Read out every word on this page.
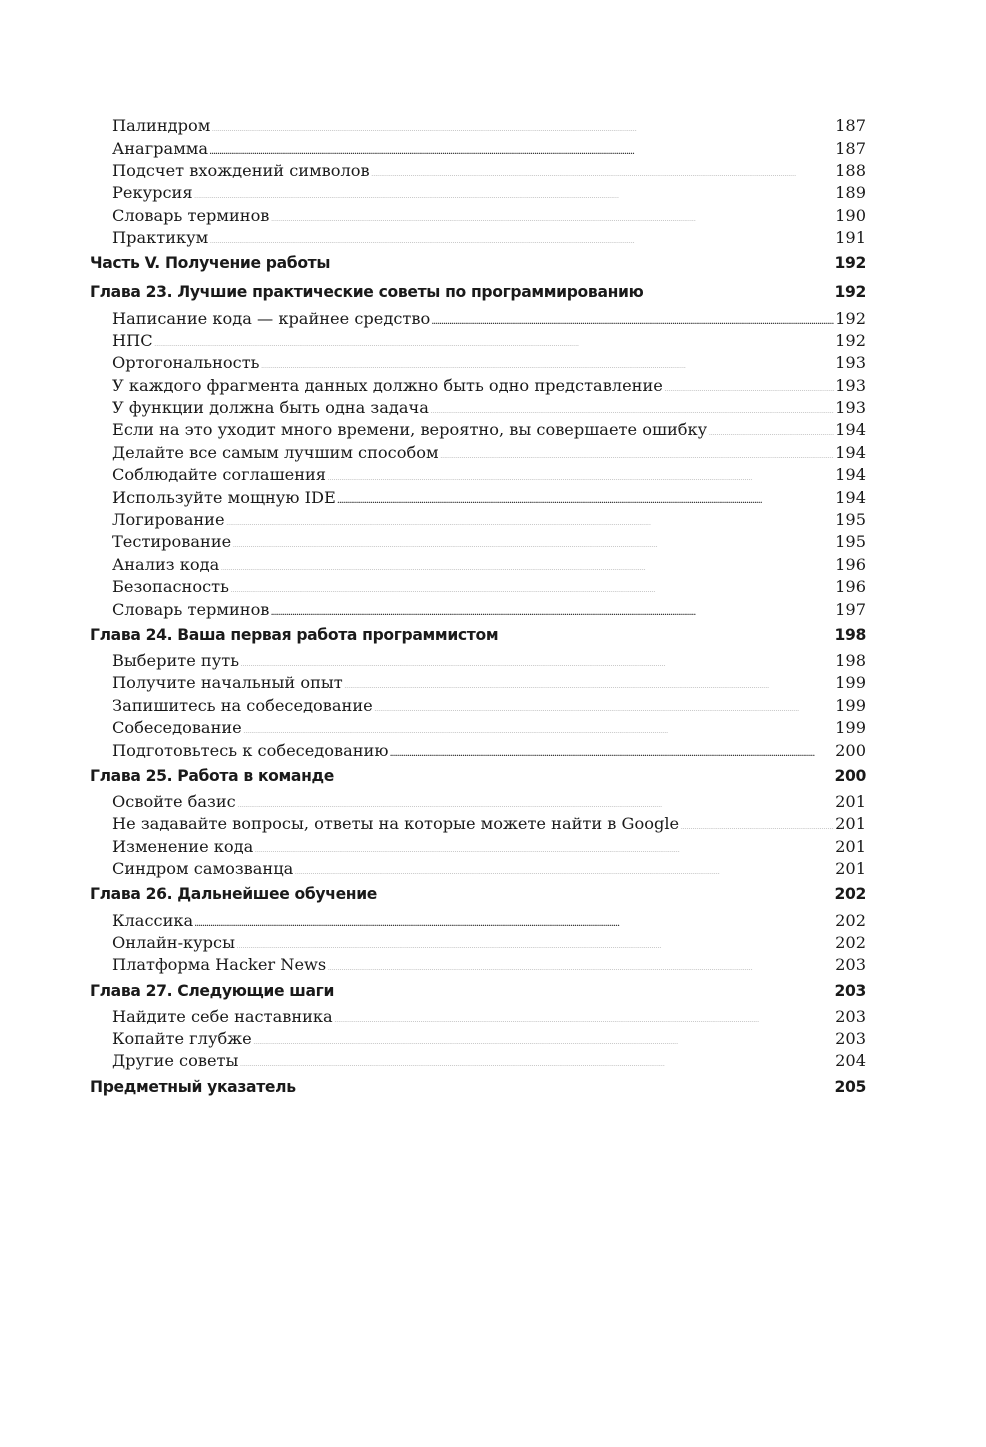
Палиндром . . .	187
Анаграмма . . .	187
Подсчет вхождений символов . . .	188
Рекурсия . . .	189
Словарь терминов . . .	190
Практикум . . .	191
Часть V. Получение работы . . .	192
Глава 23. Лучшие практические советы по программированию . . .	192
Написание кода — крайнее средство . . .	192
НПС . . .	192
Ортогональность . . .	193
У каждого фрагмента данных должно быть одно представление . . .	193
У функции должна быть одна задача . . .	193
Если на это уходит много времени, вероятно, вы совершаете ошибку . . .	194
Делайте все самым лучшим способом . . .	194
Соблюдайте соглашения . . .	194
Используйте мощную IDE . . .	194
Логирование . . .	195
Тестирование . . .	195
Анализ кода . . .	196
Безопасность . . .	196
Словарь терминов . . .	197
Глава 24. Ваша первая работа программистом . . .	198
Выберите путь . . .	198
Получите начальный опыт . . .	199
Запишитесь на собеседование . . .	199
Собеседование . . .	199
Подготовьтесь к собеседованию . . .	200
Глава 25. Работа в команде . . .	200
Освойте базис . . .	201
Не задавайте вопросы, ответы на которые можете найти в Google . . .	201
Изменение кода . . .	201
Синдром самозванца . . .	201
Глава 26. Дальнейшее обучение . . .	202
Классика . . .	202
Онлайн-курсы . . .	202
Платформа Hacker News . . .	203
Глава 27. Следующие шаги . . .	203
Найдите себе наставника . . .	203
Копайте глубже . . .	203
Другие советы . . .	204
Предметный указатель . . .	205
